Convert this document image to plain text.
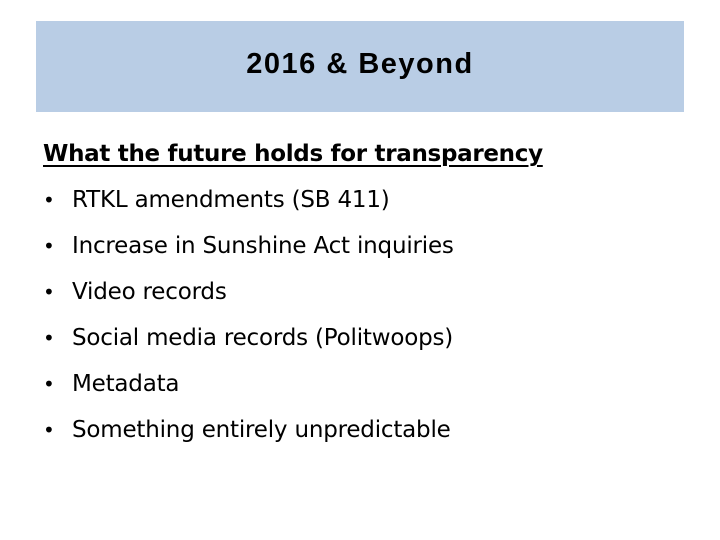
2016 & Beyond
What the future holds for transparency
• RTKL amendments (SB 411)
• Increase in Sunshine Act inquiries
• Video records
• Social media records (Politwoops)
• Metadata
• Something entirely unpredictable
